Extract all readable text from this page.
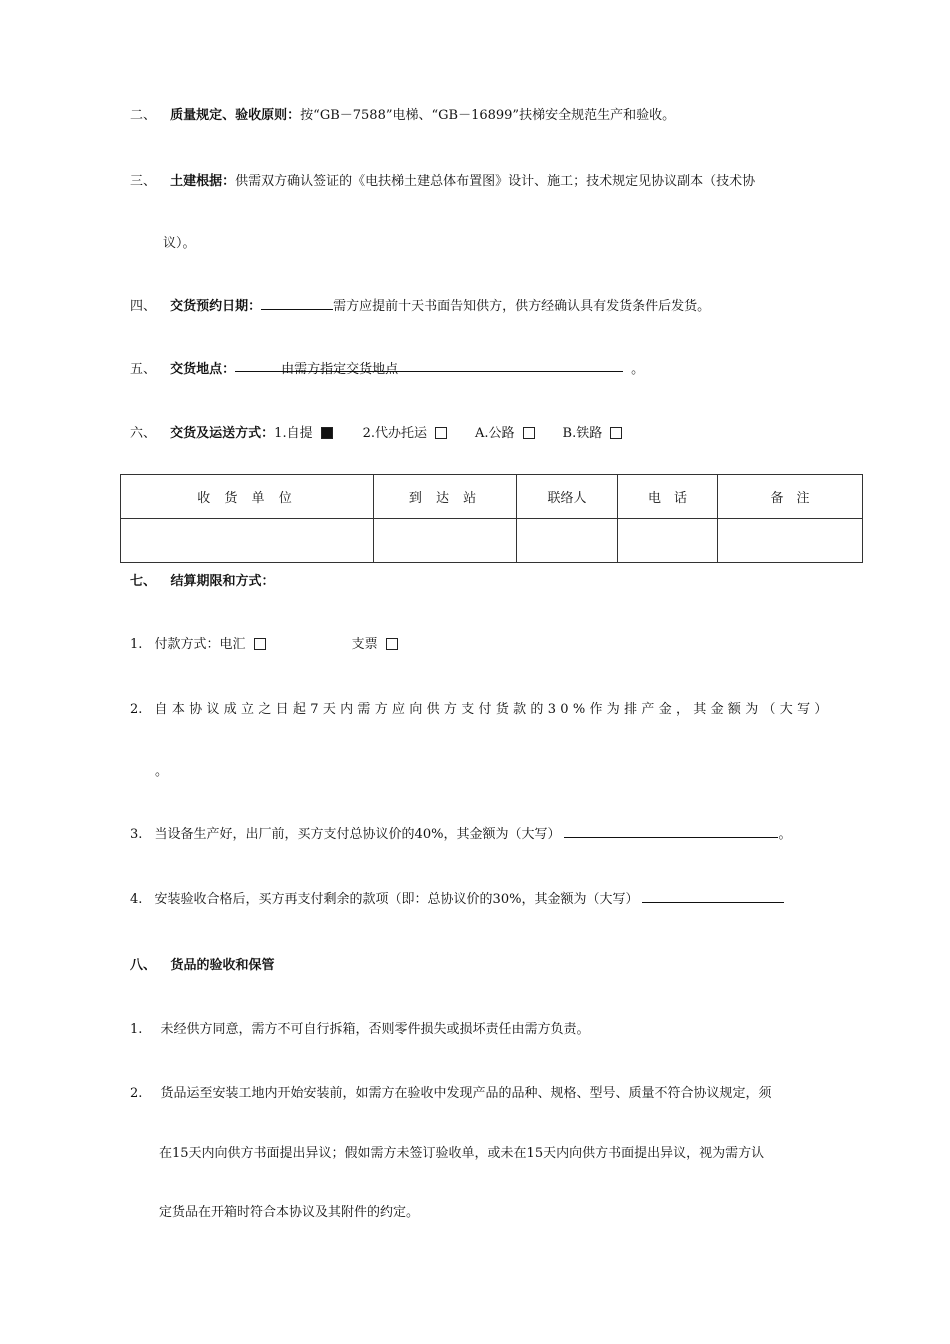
二、 质量规定、验收原则：按“GB－7588”电梯、“GB－16899”扶梯安全规范生产和验收。
三、 土建根据：供需双方确认签证的《电扶梯土建总体布置图》设计、施工；技术规定见协议副本（技术协
议）。
四、 交货预约日期：	需方应提前十天书面告知供方，供方经确认具有发货条件后发货。
五、 交货地点：	由需方指定交货地点	。
六、 交货及运送方式：1.自提	2.代办托运	A.公路	B.铁路
收 货 单 位	到 达 站	联络人	电　话	备　注

七、 结算期限和方式：
1. 付款方式：电汇	支票
2. 自本协议成立之日起7天内需方应向供方支付货款的30%作为排产金，其金额为（大写）
。
3. 当设备生产好，出厂前，买方支付总协议价的40%，其金额为（大写）	。
4. 安装验收合格后，买方再支付剩余的款项（即：总协议价的30%，其金额为（大写）
八、 货品的验收和保管
1. 未经供方同意，需方不可自行拆箱，否则零件损失或损坏责任由需方负责。
2. 货品运至安装工地内开始安装前，如需方在验收中发现产品的品种、规格、型号、质量不符合协议规定，须
在15天内向供方书面提出异议；假如需方未签订验收单，或未在15天内向供方书面提出异议，视为需方认
定货品在开箱时符合本协议及其附件的约定。
